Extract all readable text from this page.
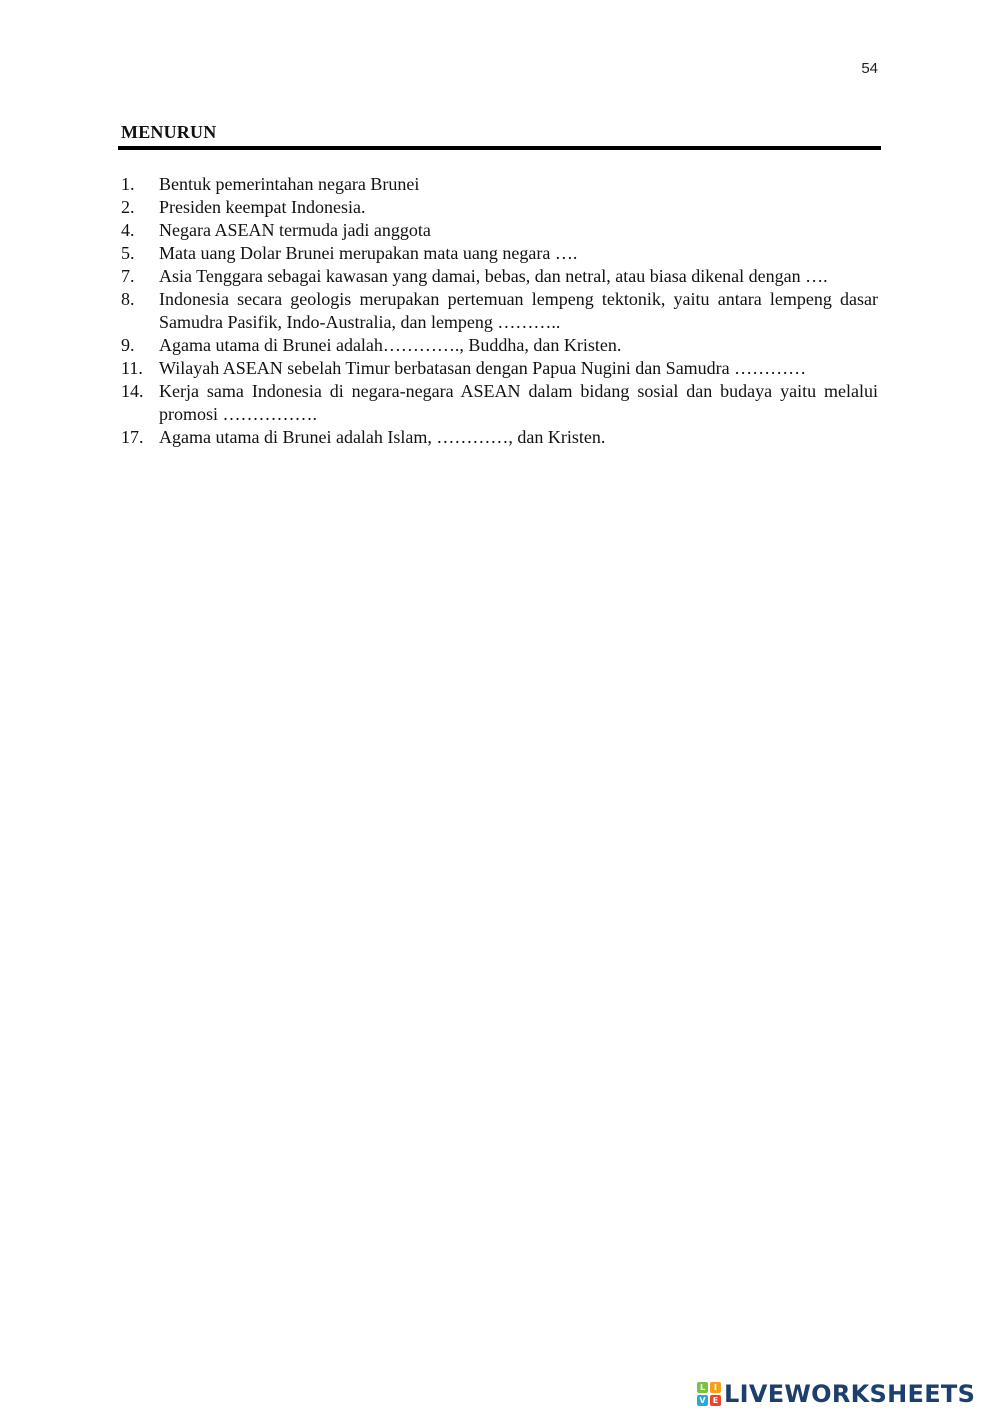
54
MENURUN
1.	Bentuk pemerintahan negara Brunei
2.	Presiden keempat Indonesia.
4.	Negara ASEAN termuda jadi anggota
5.	Mata uang Dolar Brunei merupakan mata uang negara ….
7.	Asia Tenggara sebagai kawasan yang damai, bebas, dan netral, atau biasa dikenal dengan ….
8.	Indonesia secara geologis merupakan pertemuan lempeng tektonik, yaitu antara lempeng dasar Samudra Pasifik, Indo-Australia, dan lempeng ………..
9.	Agama utama di Brunei adalah…………., Buddha, dan Kristen.
11. Wilayah ASEAN sebelah Timur berbatasan dengan Papua Nugini dan Samudra …………
14. Kerja sama Indonesia di negara-negara ASEAN dalam bidang sosial dan budaya yaitu melalui promosi …………….
17. Agama utama di Brunei adalah Islam, …………, dan Kristen.
L	I
V E LIVEWORKSHEETS
